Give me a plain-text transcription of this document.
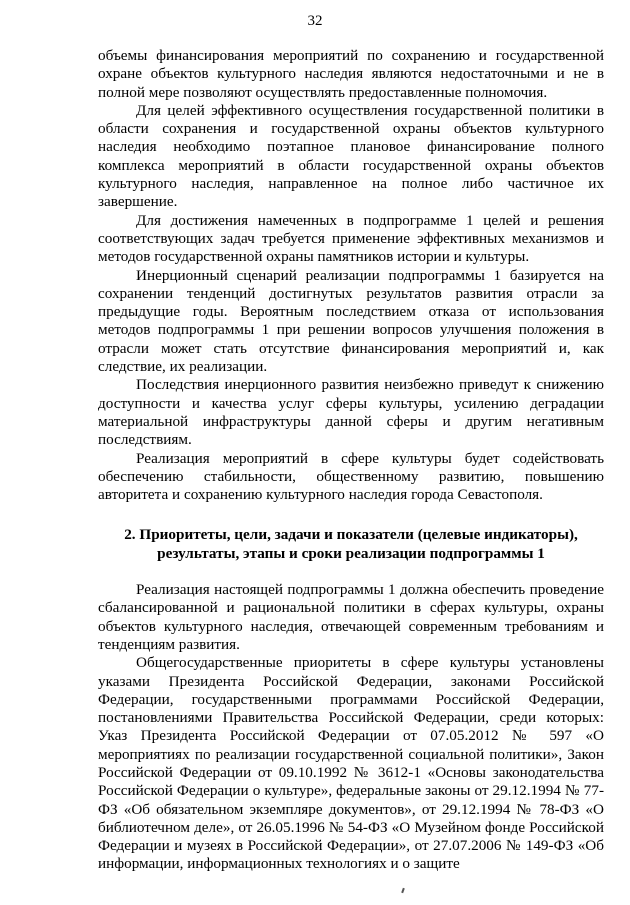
32

объемы финансирования мероприятий по сохранению и государственной охране объектов культурного наследия являются недостаточными и не в полной мере позволяют осуществлять предоставленные полномочия.

Для целей эффективного осуществления государственной политики в области сохранения и государственной охраны объектов культурного наследия необходимо поэтапное плановое финансирование полного комплекса мероприятий в области государственной охраны объектов культурного наследия, направленное на полное либо частичное их завершение.

Для достижения намеченных в подпрограмме 1 целей и решения соответствующих задач требуется применение эффективных механизмов и методов государственной охраны памятников истории и культуры.

Инерционный сценарий реализации подпрограммы 1 базируется на сохранении тенденций достигнутых результатов развития отрасли за предыдущие годы. Вероятным последствием отказа от использования методов подпрограммы 1 при решении вопросов улучшения положения в отрасли может стать отсутствие финансирования мероприятий и, как следствие, их реализации.

Последствия инерционного развития неизбежно приведут к снижению доступности и качества услуг сферы культуры, усилению деградации материальной инфраструктуры данной сферы и другим негативным последствиям.

Реализация мероприятий в сфере культуры будет содействовать обеспечению стабильности, общественному развитию, повышению авторитета и сохранению культурного наследия города Севастополя.

2. Приоритеты, цели, задачи и показатели (целевые индикаторы),

результаты, этапы и сроки реализации подпрограммы 1

Реализация настоящей подпрограммы 1 должна обеспечить проведение сбалансированной и рациональной политики в сферах культуры, охраны объектов культурного наследия, отвечающей современным требованиям и тенденциям развития.

Общегосударственные приоритеты в сфере культуры установлены указами Президента Российской Федерации, законами Российской Федерации, государственными программами Российской Федерации, постановлениями Правительства Российской Федерации, среди которых: Указ Президента Российской Федерации от 07.05.2012 № 597 «О мероприятиях по реализации государственной социальной политики», Закон Российской Федерации от 09.10.1992 № 3612-1 «Основы законодательства Российской Федерации о культуре», федеральные законы от 29.12.1994 № 77-ФЗ «Об обязательном экземпляре документов», от 29.12.1994 № 78-ФЗ «О библиотечном деле», от 26.05.1996 № 54-ФЗ «О Музейном фонде Российской Федерации и музеях в Российской Федерации», от 27.07.2006 № 149-ФЗ «Об информации, информационных технологиях и о защите
